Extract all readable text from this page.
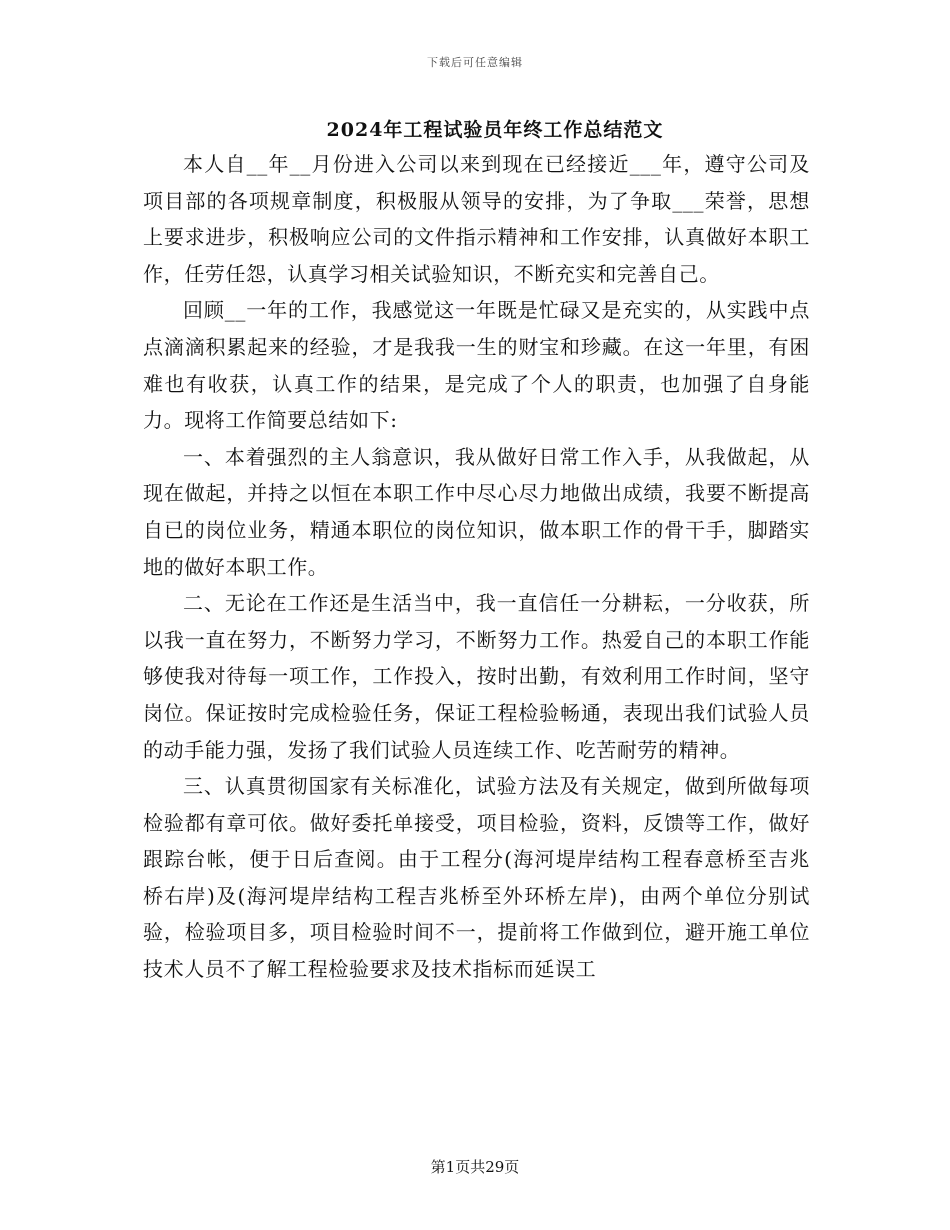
下载后可任意编辑
2024年工程试验员年终工作总结范文

本人自__年__月份进入公司以来到现在已经接近___年，遵守公司及项目部的各项规章制度，积极服从领导的安排，为了争取___荣誉，思想上要求进步，积极响应公司的文件指示精神和工作安排，认真做好本职工作，任劳任怨，认真学习相关试验知识，不断充实和完善自己。

回顾__一年的工作，我感觉这一年既是忙碌又是充实的，从实践中点点滴滴积累起来的经验，才是我我一生的财宝和珍藏。在这一年里，有困难也有收获，认真工作的结果，是完成了个人的职责，也加强了自身能力。现将工作简要总结如下:

一、本着强烈的主人翁意识，我从做好日常工作入手，从我做起，从现在做起，并持之以恒在本职工作中尽心尽力地做出成绩，我要不断提高自已的岗位业务，精通本职位的岗位知识，做本职工作的骨干手，脚踏实地的做好本职工作。

二、无论在工作还是生活当中，我一直信任一分耕耘，一分收获，所以我一直在努力，不断努力学习，不断努力工作。热爱自己的本职工作能够使我对待每一项工作，工作投入，按时出勤，有效利用工作时间，坚守岗位。保证按时完成检验任务，保证工程检验畅通，表现出我们试验人员的动手能力强，发扬了我们试验人员连续工作、吃苦耐劳的精神。

三、认真贯彻国家有关标准化，试验方法及有关规定，做到所做每项检验都有章可依。做好委托单接受，项目检验，资料，反馈等工作，做好跟踪台帐，便于日后查阅。由于工程分(海河堤岸结构工程春意桥至吉兆桥右岸)及(海河堤岸结构工程吉兆桥至外环桥左岸)，由两个单位分别试验，检验项目多，项目检验时间不一，提前将工作做到位，避开施工单位技术人员不了解工程检验要求及技术指标而延误工

第1页共29页
